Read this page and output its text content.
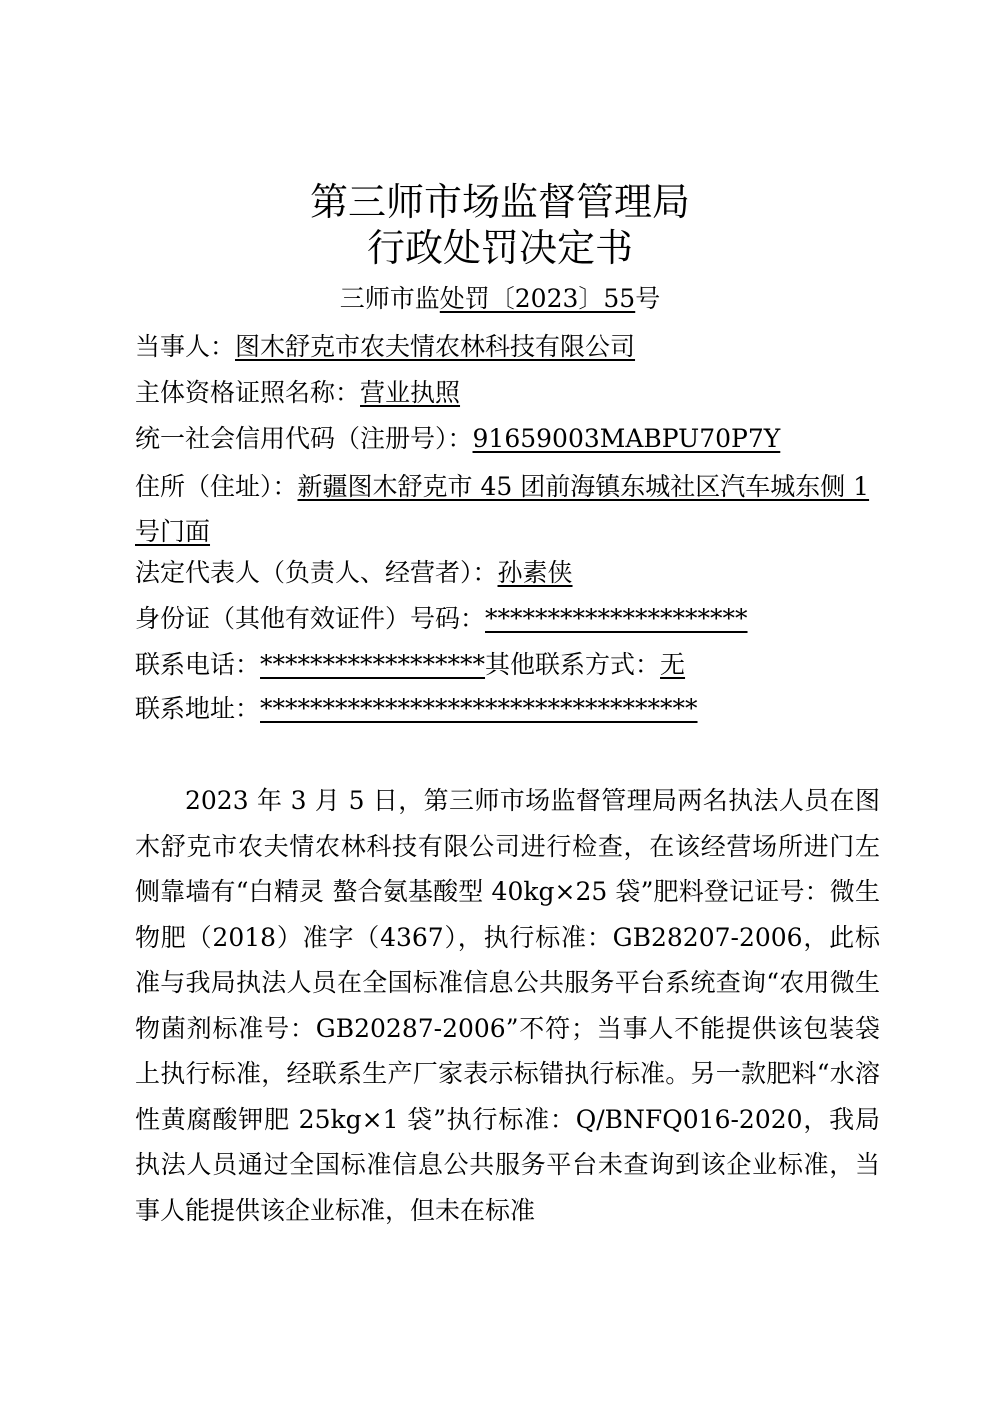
第三师市场监督管理局
行政处罚决定书
三师市监处罚〔2023〕55号
当事人：图木舒克市农夫情农林科技有限公司
主体资格证照名称：营业执照
统一社会信用代码（注册号）：91659003MABPU70P7Y
住所（住址）：新疆图木舒克市 45 团前海镇东城社区汽车城东侧 1 号门面
法定代表人（负责人、经营者）：孙素侠
身份证（其他有效证件）号码：*********************
联系电话：******************其他联系方式：无
联系地址：***********************************
2023 年 3 月 5 日，第三师市场监督管理局两名执法人员在图木舒克市农夫情农林科技有限公司进行检查，在该经营场所进门左侧靠墙有“白精灵 螯合氨基酸型 40kg×25 袋”肥料登记证号：微生物肥（2018）准字（4367），执行标准：GB28207-2006，此标准与我局执法人员在全国标准信息公共服务平台系统查询“农用微生物菌剂标准号：GB20287-2006”不符；当事人不能提供该包装袋上执行标准，经联系生产厂家表示标错执行标准。另一款肥料“水溶性黄腐酸钾肥 25kg×1 袋”执行标准：Q/BNFQ016-2020，我局执法人员通过全国标准信息公共服务平台未查询到该企业标准，当事人能提供该企业标准，但未在标准
